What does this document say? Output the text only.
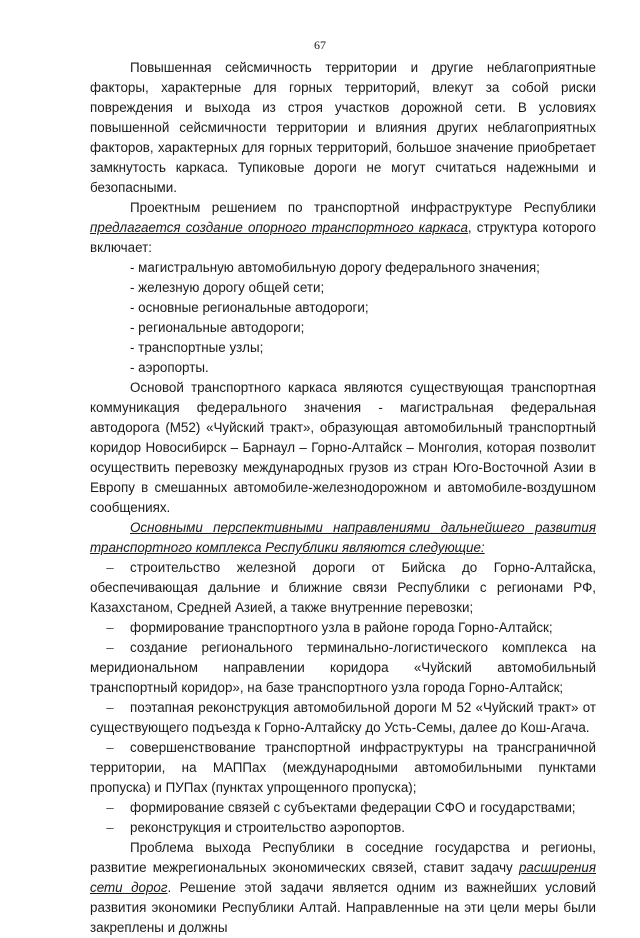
67

Повышенная сейсмичность территории и другие неблагоприятные факторы, характерные для горных территорий, влекут за собой риски повреждения и выхода из строя участков дорожной сети. В условиях повышенной сейсмичности территории и влияния других неблагоприятных факторов, характерных для горных территорий, большое значение приобретает замкнутость каркаса. Тупиковые дороги не могут считаться надежными и безопасными.

Проектным решением по транспортной инфраструктуре Республики предлагается создание опорного транспортного каркаса, структура которого включает:

- магистральную автомобильную дорогу федерального значения;

- железную дорогу общей сети;

- основные региональные автодороги;

- региональные автодороги;

- транспортные узлы;

- аэропорты.

Основой транспортного каркаса являются существующая транспортная коммуникация федерального значения - магистральная федеральная автодорога (М52) «Чуйский тракт», образующая автомобильный транспортный коридор Новосибирск – Барнаул – Горно-Алтайск – Монголия, которая позволит осуществить перевозку международных грузов из стран Юго-Восточной Азии в Европу в смешанных автомобиле-железнодорожном и автомобиле-воздушном сообщениях.

Основными перспективными направлениями дальнейшего развития транспортного комплекса Республики являются следующие:

– строительство железной дороги от Бийска до Горно-Алтайска, обеспечивающая дальние и ближние связи Республики с регионами РФ, Казахстаном, Средней Азией, а также внутренние перевозки;

– формирование транспортного узла в районе города Горно-Алтайск;

– создание регионального терминально-логистического комплекса на меридиональном направлении коридора «Чуйский автомобильный транспортный коридор», на базе транспортного узла города Горно-Алтайск;

– поэтапная реконструкция автомобильной дороги М 52 «Чуйский тракт» от существующего подъезда к Горно-Алтайску до Усть-Семы, далее до Кош-Агача.

– совершенствование транспортной инфраструктуры на трансграничной территории, на МАППах (международными автомобильными пунктами пропуска) и ПУПах (пунктах упрощенного пропуска);

– формирование связей с субъектами федерации СФО и государствами;

– реконструкция и строительство аэропортов.

Проблема выхода Республики в соседние государства и регионы, развитие межрегиональных экономических связей, ставит задачу расширения сети дорог. Решение этой задачи является одним из важнейших условий развития экономики Республики Алтай. Направленные на эти цели меры были закреплены и должны
